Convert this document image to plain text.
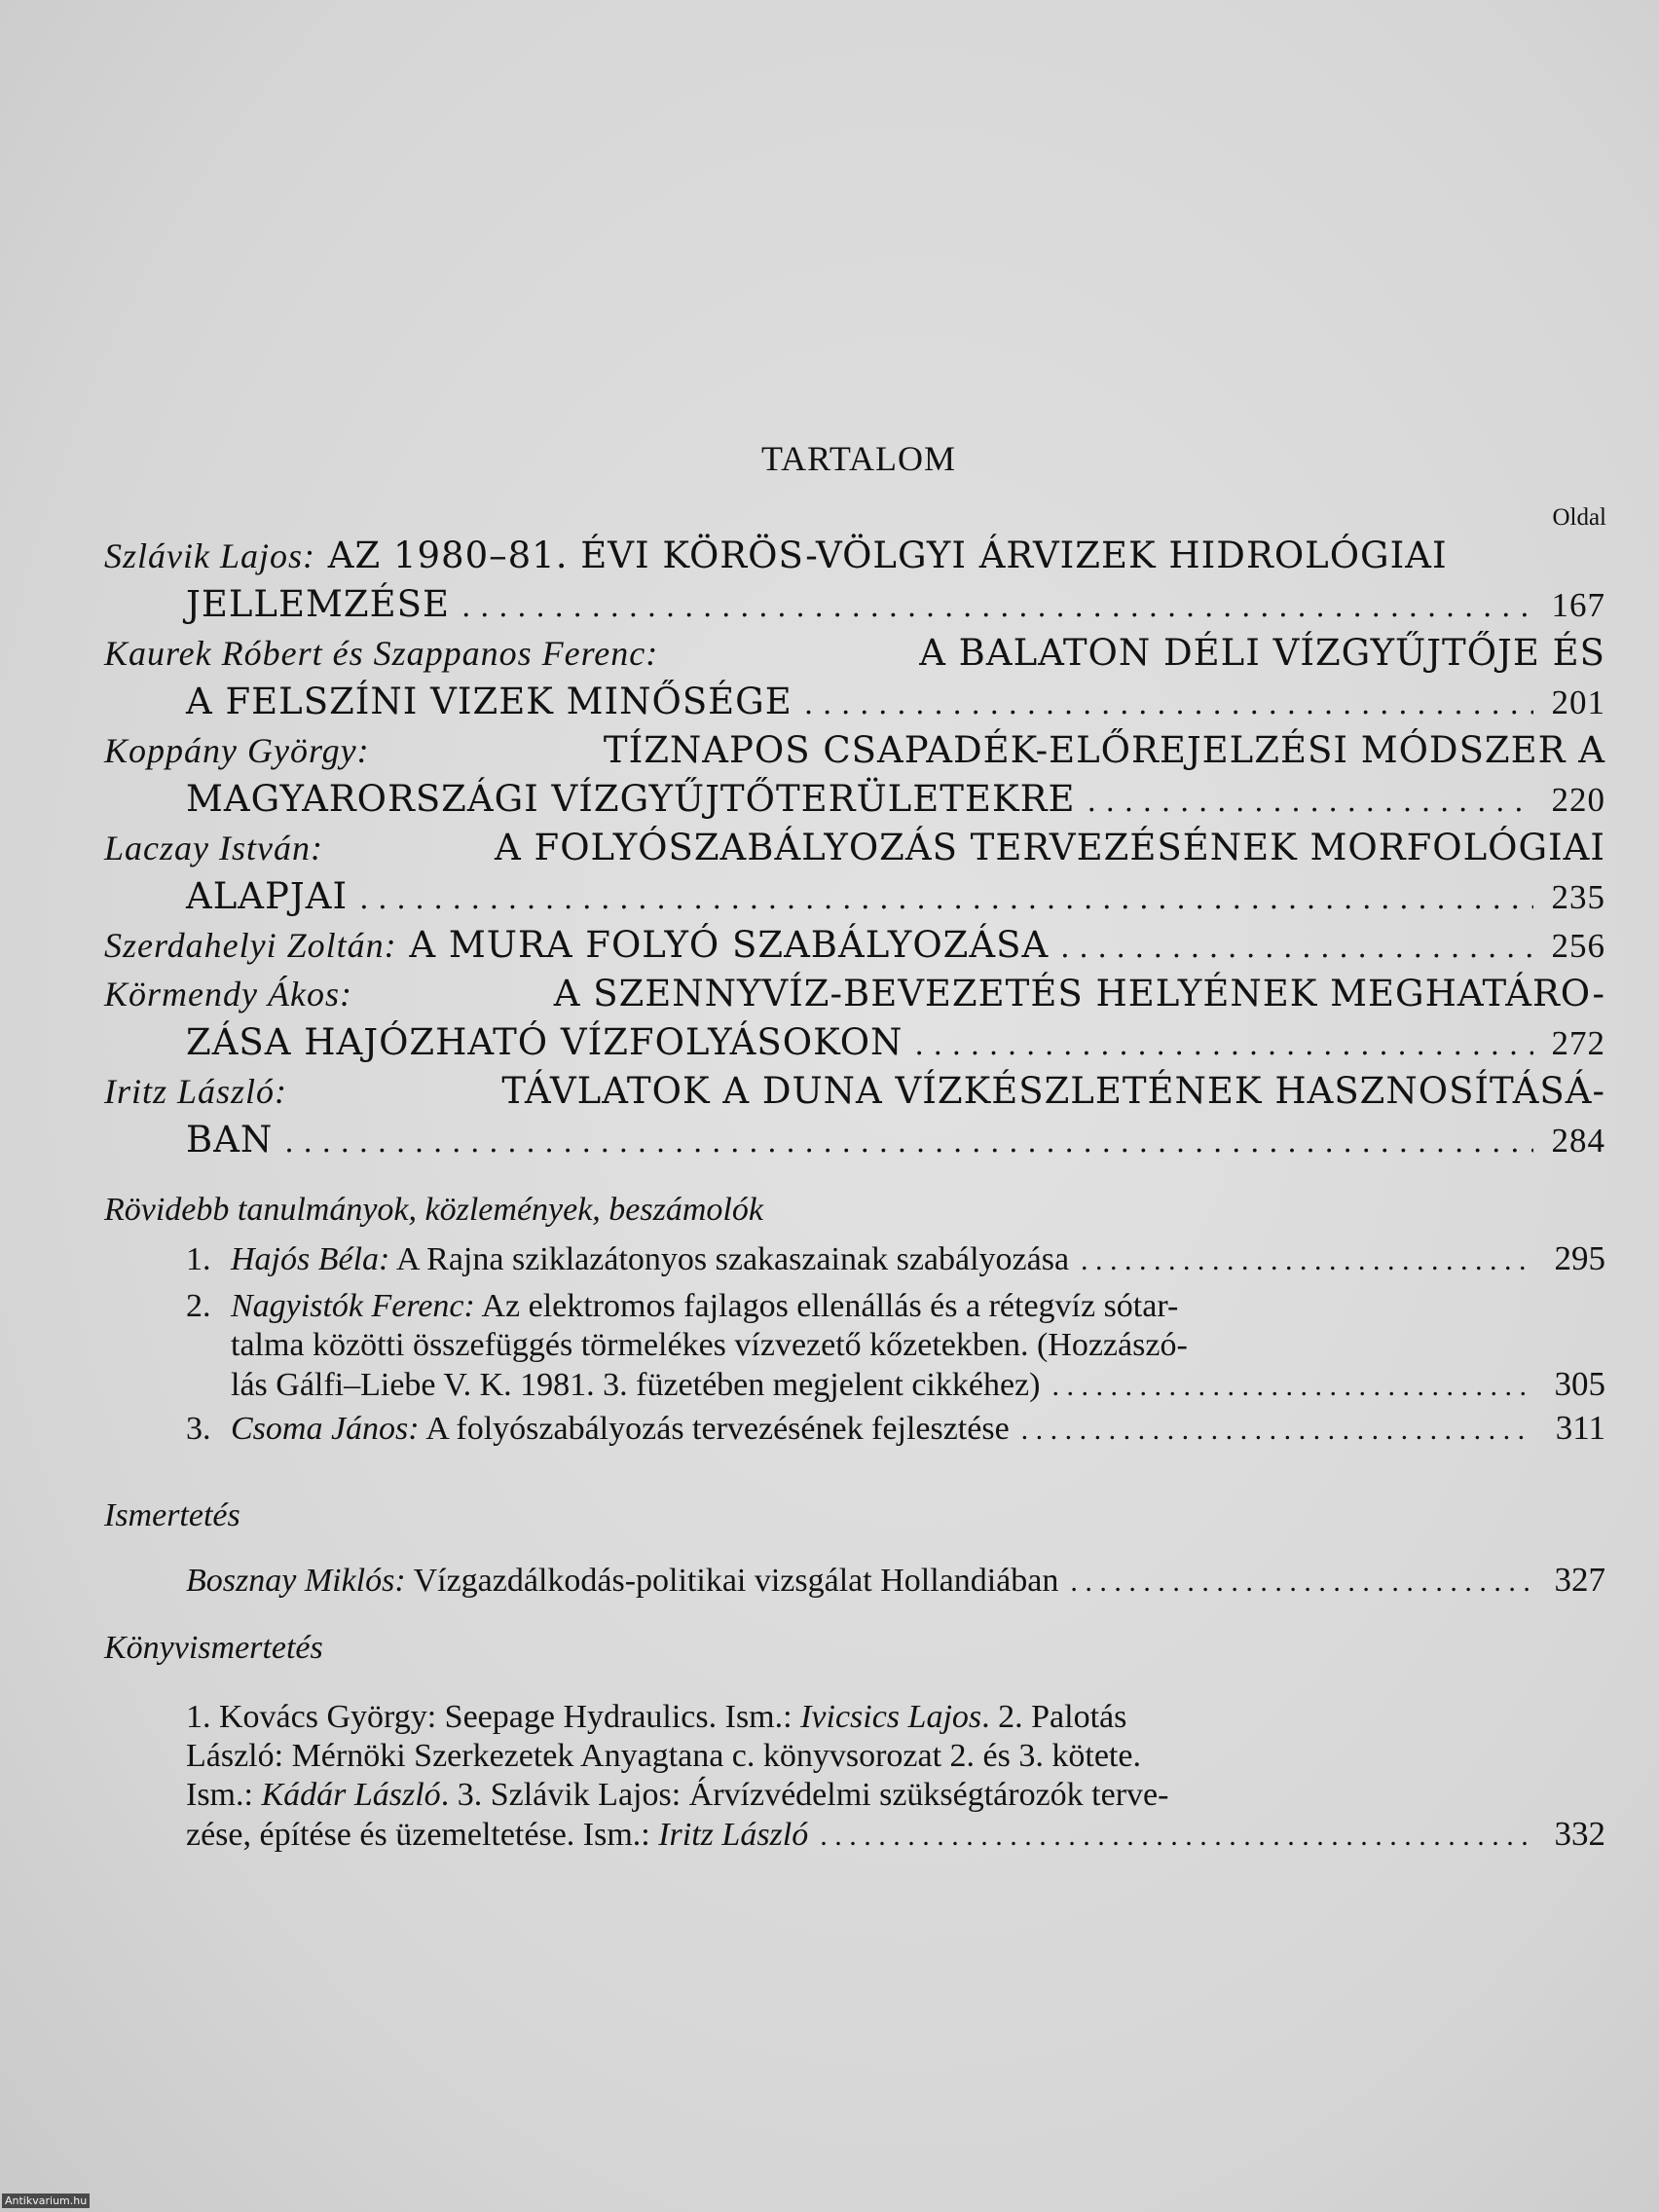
TARTALOM
Oldal
Szlávik Lajos: AZ 1980–81. ÉVI KÖRÖS-VÖLGYI ÁRVIZEK HIDROLÓGIAI
JELLEMZÉSE . . .	167
Kaurek Róbert és Szappanos Ferenc:	A BALATON DÉLI VÍZGYŰJTŐJE ÉS
A FELSZÍNI VIZEK MINŐSÉGE . . .	201
Koppány György:	TÍZNAPOS CSAPADÉK-ELŐREJELZÉSI MÓDSZER A
MAGYARORSZÁGI VÍZGYŰJTŐTERÜLETEKRE . . .	220
Laczay István:	A FOLYÓSZABÁLYOZÁS TERVEZÉSÉNEK MORFOLÓGIAI
ALAPJAI . . .	235
Szerdahelyi Zoltán: A MURA FOLYÓ SZABÁLYOZÁSA . . .	256
Körmendy Ákos:	A SZENNYVÍZ-BEVEZETÉS HELYÉNEK MEGHATÁRO-
ZÁSA HAJÓZHATÓ VÍZFOLYÁSOKON . . .	272
Iritz László:	TÁVLATOK A DUNA VÍZKÉSZLETÉNEK HASZNOSÍTÁSÁ-
BAN . . .	284
Rövidebb tanulmányok, közlemények, beszámolók
1. Hajós Béla: A Rajna sziklazátonyos szakaszainak szabályozása . . .	295
2. Nagyistók Ferenc: Az elektromos fajlagos ellenállás és a rétegvíz sótar-
talma közötti összefüggés törmelékes vízvezető kőzetekben. (Hozzászó-
lás Gálfi–Liebe V. K. 1981. 3. füzetében megjelent cikkéhez) . . .	305
3. Csoma János: A folyószabályozás tervezésének fejlesztése . . .	311
Ismertetés
Bosznay Miklós: Vízgazdálkodás-politikai vizsgálat Hollandiában . . .	327
Könyvismertetés
1. Kovács György: Seepage Hydraulics. Ism.: Ivicsics Lajos. 2. Palotás
László: Mérnöki Szerkezetek Anyagtana c. könyvsorozat 2. és 3. kötete.
Ism.: Kádár László. 3. Szlávik Lajos: Árvízvédelmi szükségtározók terve-
zése, építése és üzemeltetése. Ism.: Iritz László . . .	332
Antikvarium.hu
